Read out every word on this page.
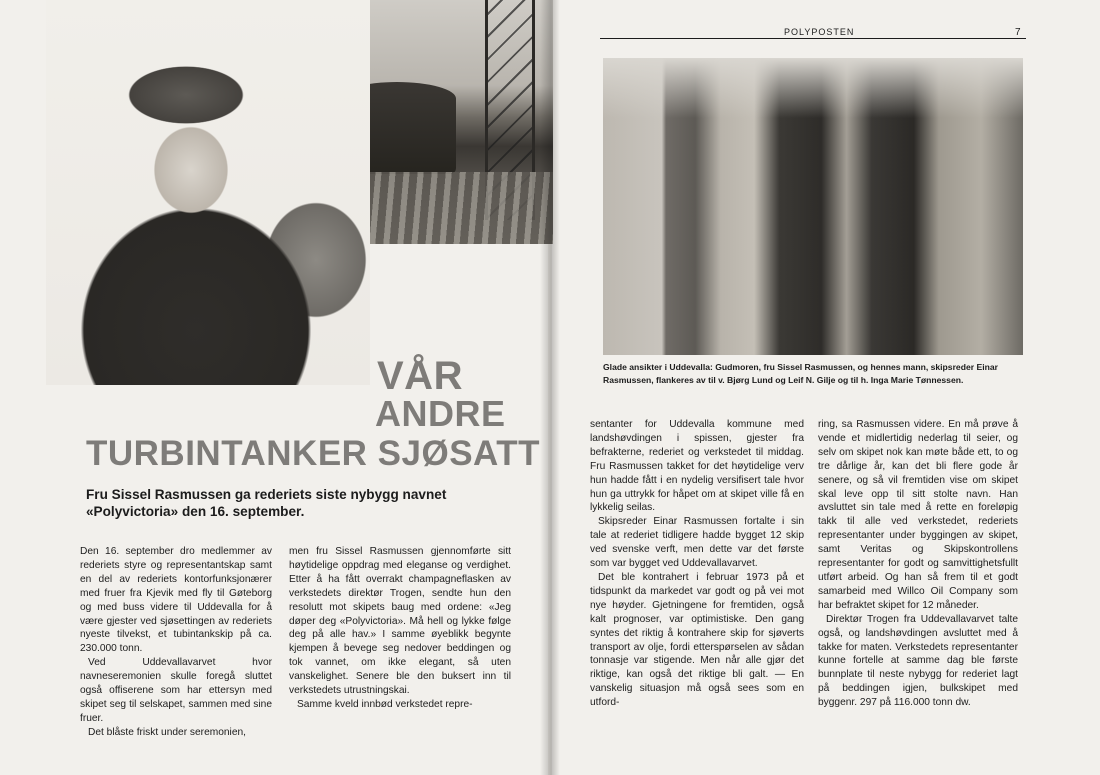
VÅR
ANDRE
TURBINTANKER SJØSATT

Fru Sissel Rasmussen ga rederiets siste nybygg navnet «Polyvictoria» den 16. september.

Den 16. september dro medlemmer av rederiets styre og representantskap samt en del av rederiets kontorfunksjonærer med fruer fra Kjevik med fly til Gøteborg og med buss videre til Uddevalla for å være gjester ved sjøsettingen av rederiets nyeste tilvekst, et tubintankskip på ca. 230.000 tonn.

Ved Uddevallavarvet hvor navneseremonien skulle foregå sluttet også offiserene som har ettersyn med skipet seg til selskapet, sammen med sine fruer.

Det blåste friskt under seremonien,

men fru Sissel Rasmussen gjennomførte sitt høytidelige oppdrag med eleganse og verdighet. Etter å ha fått overrakt champagneflasken av verkstedets direktør Trogen, sendte hun den resolutt mot skipets baug med ordene: «Jeg døper deg «Polyvictoria». Må hell og lykke følge deg på alle hav.» I samme øyeblikk begynte kjempen å bevege seg nedover beddingen og tok vannet, om ikke elegant, så uten vanskelighet. Senere ble den buksert inn til verkstedets utrustningskai.

Samme kveld innbød verkstedet repre-

POLYPOSTEN	7

Glade ansikter i Uddevalla: Gudmoren, fru Sissel Rasmussen, og hennes mann, skipsreder Einar Rasmussen, flankeres av til v. Bjørg Lund og Leif N. Gilje og til h. Inga Marie Tønnessen.

sentanter for Uddevalla kommune med landshøvdingen i spissen, gjester fra befrakterne, rederiet og verkstedet til middag. Fru Rasmussen takket for det høytidelige verv hun hadde fått i en nydelig versifisert tale hvor hun ga uttrykk for håpet om at skipet ville få en lykkelig seilas.

Skipsreder Einar Rasmussen fortalte i sin tale at rederiet tidligere hadde bygget 12 skip ved svenske verft, men dette var det første som var bygget ved Uddevallavarvet.

Det ble kontrahert i februar 1973 på et tidspunkt da markedet var godt og på vei mot nye høyder. Gjetningene for fremtiden, også kalt prognoser, var optimistiske. Den gang syntes det riktig å kontrahere skip for sjøverts transport av olje, fordi etterspørselen av sådan tonnasje var stigende. Men når alle gjør det riktige, kan også det riktige bli galt. — En vanskelig situasjon må også sees som en utford-

ring, sa Rasmussen videre. En må prøve å vende et midlertidig nederlag til seier, og selv om skipet nok kan møte både ett, to og tre dårlige år, kan det bli flere gode år senere, og så vil fremtiden vise om skipet skal leve opp til sitt stolte navn. Han avsluttet sin tale med å rette en foreløpig takk til alle ved verkstedet, rederiets representanter under byggingen av skipet, samt Veritas og Skipskontrollens representanter for godt og samvittighetsfullt utført arbeid. Og han så frem til et godt samarbeid med Willco Oil Company som har befraktet skipet for 12 måneder.

Direktør Trogen fra Uddevallavarvet talte også, og landshøvdingen avsluttet med å takke for maten. Verkstedets representanter kunne fortelle at samme dag ble første bunnplate til neste nybygg for rederiet lagt på beddingen igjen, bulkskipet med byggenr. 297 på 116.000 tonn dw.
